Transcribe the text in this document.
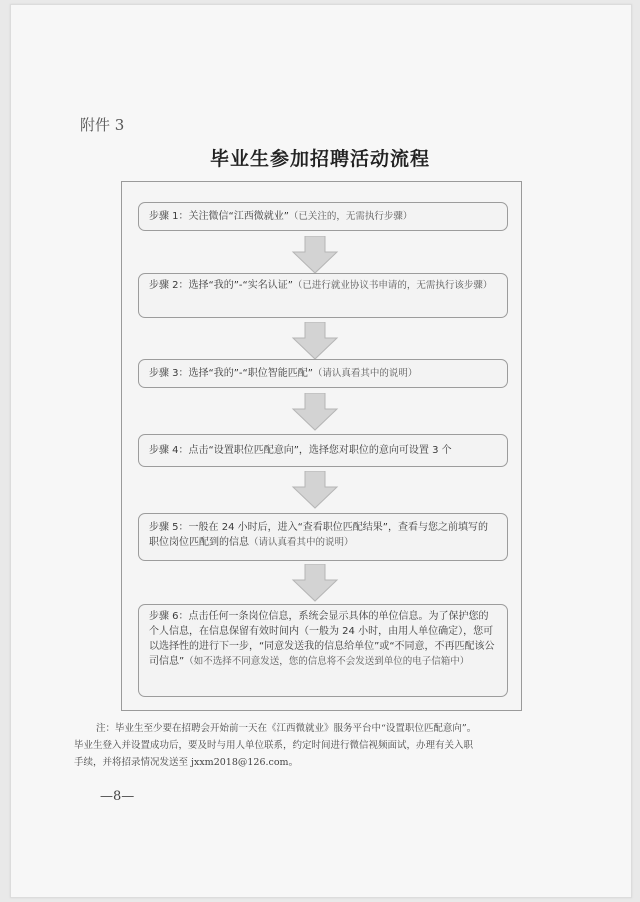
附件 3
毕业生参加招聘活动流程
步骤 1：关注微信“江西微就业”（已关注的，无需执行步骤）
步骤 2：选择“我的”-“实名认证”（已进行就业协议书申请的，无需执行该步骤）
步骤 3：选择“我的”-“职位智能匹配”（请认真看其中的说明）
步骤 4：点击“设置职位匹配意向”，选择您对职位的意向可设置 3 个
步骤 5：一般在 24 小时后，进入“查看职位匹配结果”，查看与您之前填写的职位岗位匹配到的信息（请认真看其中的说明）
步骤 6：点击任何一条岗位信息，系统会显示具体的单位信息。为了保护您的个人信息，在信息保留有效时间内（一般为 24 小时，由用人单位确定），您可以选择性的进行下一步，“同意发送我的信息给单位”或“不同意，不再匹配该公司信息”（如不选择不同意发送，您的信息将不会发送到单位的电子信箱中）

注：毕业生至少要在招聘会开始前一天在《江西微就业》服务平台中“设置职位匹配意向”。

毕业生登入并设置成功后，要及时与用人单位联系，约定时间进行微信视频面试，办理有关入职

手续，并将招录情况发送至 jxxm2018@126.com。

—8—
